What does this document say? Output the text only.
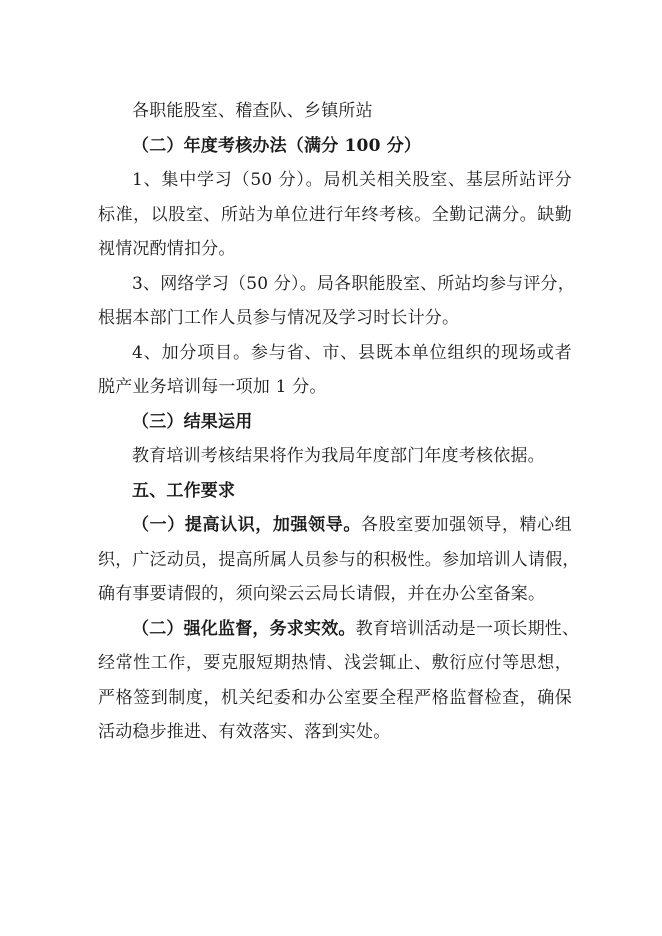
各职能股室、稽查队、乡镇所站
（二）年度考核办法（满分 100 分）
1、集中学习（50 分）。局机关相关股室、基层所站评分
标准，以股室、所站为单位进行年终考核。全勤记满分。缺勤
视情况酌情扣分。
3、网络学习（50 分）。局各职能股室、所站均参与评分，
根据本部门工作人员参与情况及学习时长计分。
4、加分项目。参与省、市、县既本单位组织的现场或者
脱产业务培训每一项加 1 分。
（三）结果运用
教育培训考核结果将作为我局年度部门年度考核依据。
五、工作要求
（一）提高认识，加强领导。各股室要加强领导，精心组
织，广泛动员，提高所属人员参与的积极性。参加培训人请假，
确有事要请假的，须向梁云云局长请假，并在办公室备案。
（二）强化监督，务求实效。教育培训活动是一项长期性、
经常性工作，要克服短期热情、浅尝辄止、敷衍应付等思想，
严格签到制度，机关纪委和办公室要全程严格监督检查，确保
活动稳步推进、有效落实、落到实处。
